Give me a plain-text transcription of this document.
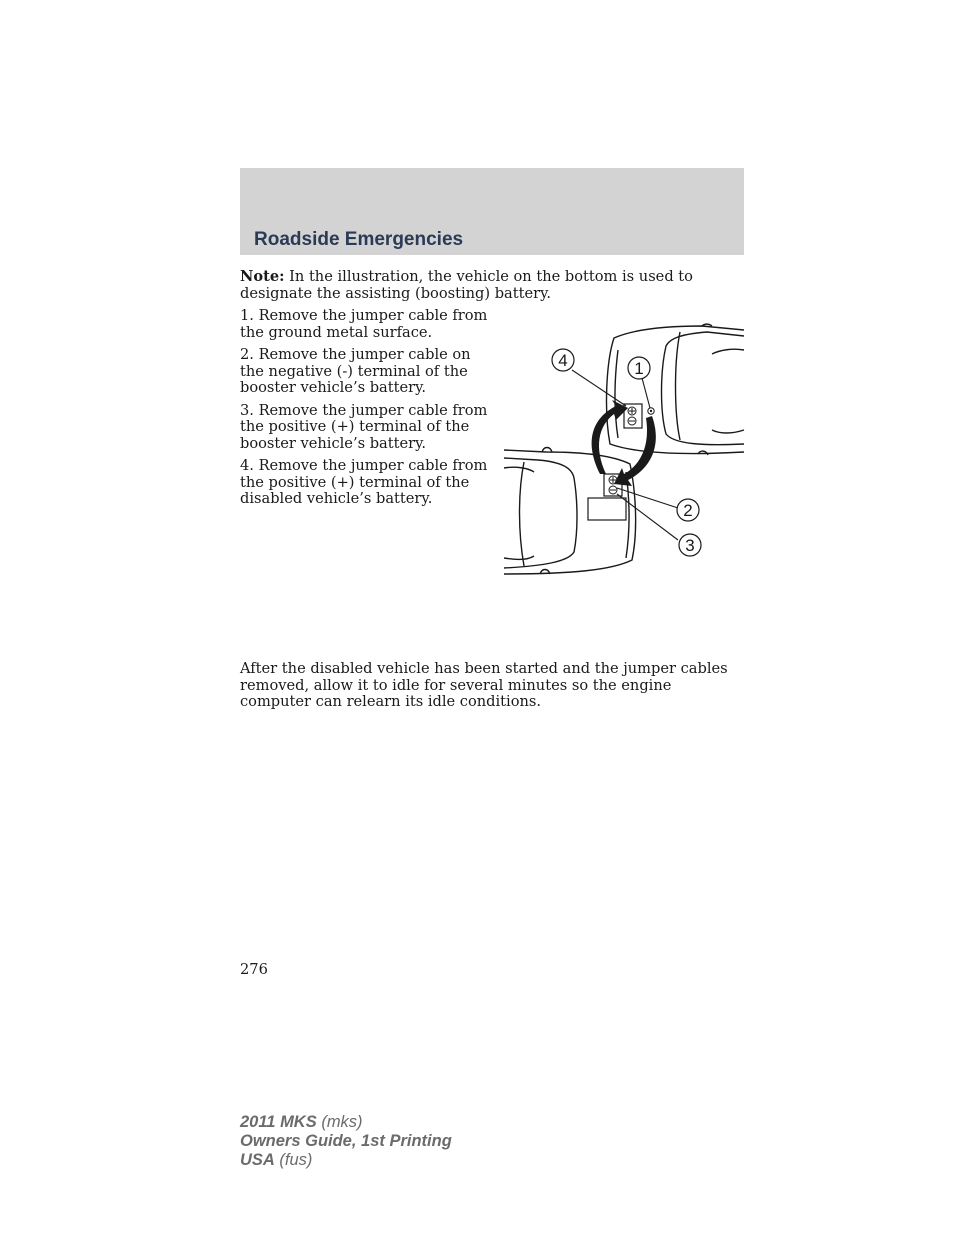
Roadside Emergencies

Note: In the illustration, the vehicle on the bottom is used to designate the assisting (boosting) battery.

1. Remove the jumper cable from the ground metal surface.
2. Remove the jumper cable on the negative (-) terminal of the booster vehicle’s battery.
3. Remove the jumper cable from the positive (+) terminal of the booster vehicle’s battery.
4. Remove the jumper cable from the positive (+) terminal of the disabled vehicle’s battery.
4	1
2
3

After the disabled vehicle has been started and the jumper cables removed, allow it to idle for several minutes so the engine computer can relearn its idle conditions.

276

2011 MKS (mks)
Owners Guide, 1st Printing
USA (fus)
